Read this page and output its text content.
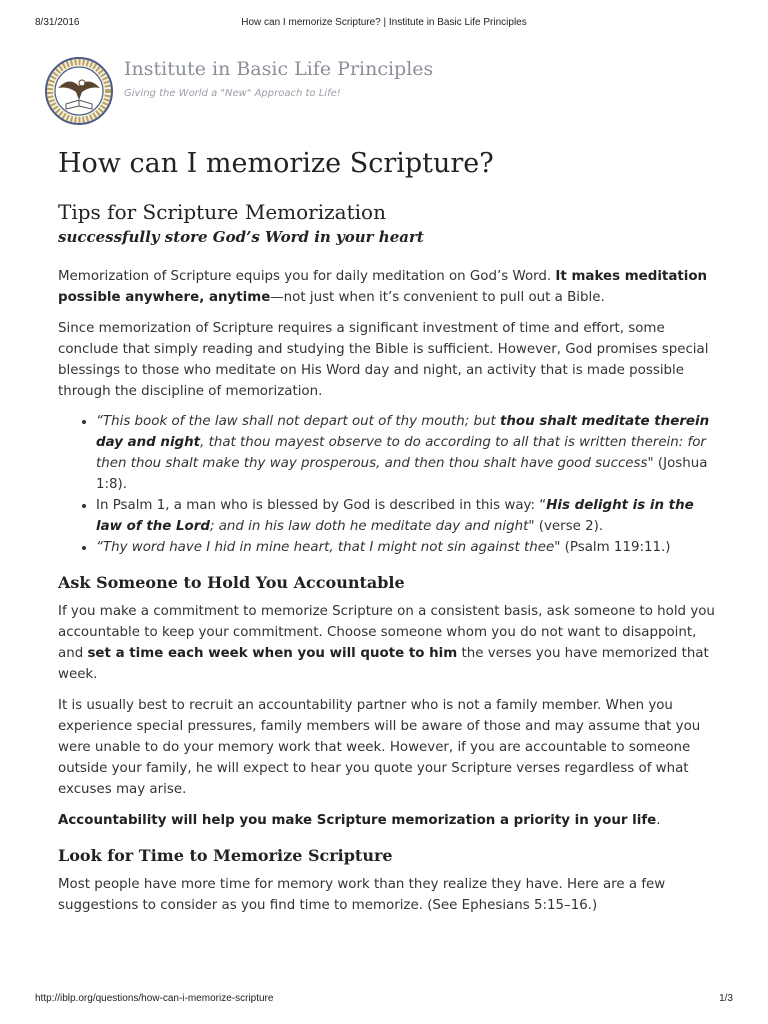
8/31/2016	How can I memorize Scripture? | Institute in Basic Life Principles
Institute in Basic Life Principles
Giving the World a "New" Approach to Life!
How can I memorize Scripture?
Tips for Scripture Memorization
successfully store God’s Word in your heart

Memorization of Scripture equips you for daily meditation on God’s Word. It makes meditation possible anywhere, anytime—not just when it’s convenient to pull out a Bible.

Since memorization of Scripture requires a significant investment of time and effort, some conclude that simply reading and studying the Bible is sufficient. However, God promises special blessings to those who meditate on His Word day and night, an activity that is made possible through the discipline of memorization.

• “This book of the law shall not depart out of thy mouth; but thou shalt meditate therein day and night, that thou mayest observe to do according to all that is written therein: for then thou shalt make thy way prosperous, and then thou shalt have good success" (Joshua 1:8).
• In Psalm 1, a man who is blessed by God is described in this way: “His delight is in the law of the Lord; and in his law doth he meditate day and night" (verse 2).
• “Thy word have I hid in mine heart, that I might not sin against thee" (Psalm 119:11.)
Ask Someone to Hold You Accountable

If you make a commitment to memorize Scripture on a consistent basis, ask someone to hold you accountable to keep your commitment. Choose someone whom you do not want to disappoint, and set a time each week when you will quote to him the verses you have memorized that week.

It is usually best to recruit an accountability partner who is not a family member. When you experience special pressures, family members will be aware of those and may assume that you were unable to do your memory work that week. However, if you are accountable to someone outside your family, he will expect to hear you quote your Scripture verses regardless of what excuses may arise.

Accountability will help you make Scripture memorization a priority in your life.

Look for Time to Memorize Scripture

Most people have more time for memory work than they realize they have. Here are a few suggestions to consider as you find time to memorize. (See Ephesians 5:15–16.)

http://iblp.org/questions/how-can-i-memorize-scripture	1/3
